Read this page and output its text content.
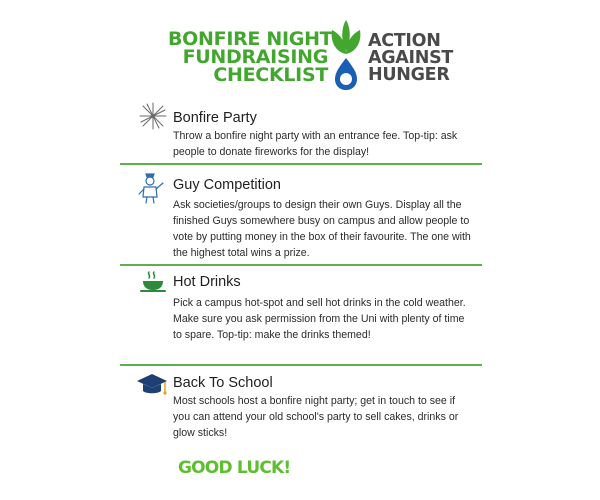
BONFIRE NIGHT
FUNDRAISING
CHECKLIST
ACTION
AGAINST
HUNGER
Bonfire Party
Throw a bonfire night party with an entrance fee. Top-tip: ask people to donate fireworks for the display!
Guy Competition
Ask societies/groups to design their own Guys. Display all the finished Guys somewhere busy on campus and allow people to vote by putting money in the box of their favourite. The one with the highest total wins a prize.
Hot Drinks
Pick a campus hot-spot and sell hot drinks in the cold weather. Make sure you ask permission from the Uni with plenty of time to spare. Top-tip: make the drinks themed!
Back To School
Most schools host a bonfire night party; get in touch to see if you can attend your old school's party to sell cakes, drinks or glow sticks!
GOOD LUCK!
